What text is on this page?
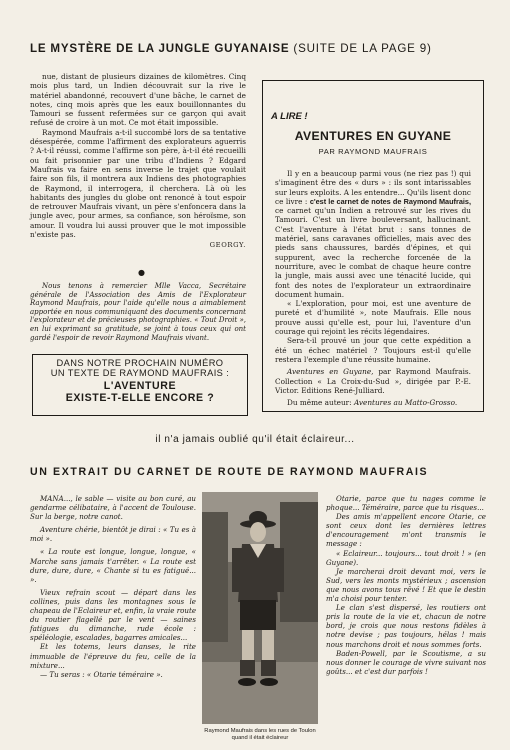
LE MYSTÈRE DE LA JUNGLE GUYANAISE (SUITE DE LA PAGE 9)

nue, distant de plusieurs dizaines de kilomètres. Cinq mois plus tard, un Indien découvrait sur la rive le matériel abandonné, recouvert d'une bâche, le carnet de notes, cinq mois après que les eaux bouillonnantes du Tamouri se fussent refermées sur ce garçon qui avait refusé de croire à un mot. Ce mot était impossible.

Raymond Maufrais a-t-il succombé lors de sa tentative désespérée, comme l'affirment des explorateurs aguerris ? A-t-il réussi, comme l'affirme son père, à-t-il été recueilli ou fait prisonnier par une tribu d'Indiens ? Edgard Maufrais va faire en sens inverse le trajet que voulait faire son fils, il montrera aux Indiens des photographies de Raymond, il interrogera, il cherchera. Là où les habitants des jungles du globe ont renoncé à tout espoir de retrouver Maufrais vivant, un père s'enfoncera dans la jungle avec, pour armes, sa confiance, son héroïsme, son amour. Il voudra lui aussi prouver que le mot impossible n'existe pas.

GEORGY.
●

Nous tenons à remercier Mlle Vacca, Secrétaire générale de l'Association des Amis de l'Explorateur Raymond Maufrais, pour l'aide qu'elle nous a aimablement apportée en nous communiquant des documents concernant l'explorateur et de précieuses photographies. « Tout Droit », en lui exprimant sa gratitude, se joint à tous ceux qui ont gardé l'espoir de revoir Raymond Maufrais vivant.

DANS NOTRE PROCHAIN NUMÉRO
UN TEXTE DE RAYMOND MAUFRAIS :
L'AVENTURE
EXISTE-T-ELLE ENCORE ?
A LIRE !
AVENTURES EN GUYANE
PAR RAYMOND MAUFRAIS

Il y en a beaucoup parmi vous (ne riez pas !) qui s'imaginent être des « durs » : ils sont intarissables sur leurs exploits. A les entendre... Qu'ils lisent donc ce livre : c'est le carnet de notes de Raymond Maufrais, ce carnet qu'un Indien a retrouvé sur les rives du Tamouri. C'est un livre bouleversant, hallucinant. C'est l'aventure à l'état brut : sans tonnes de matériel, sans caravanes officielles, mais avec des pieds sans chaussures, bardés d'épines, et qui suppurent, avec la recherche forcenée de la nourriture, avec le combat de chaque heure contre la jungle, mais aussi avec une ténacité lucide, qui font des notes de l'explorateur un extraordinaire document humain.

« L'exploration, pour moi, est une aventure de pureté et d'humilité », note Maufrais. Elle nous prouve aussi qu'elle est, pour lui, l'aventure d'un courage qui rejoint les récits légendaires.

Sera-t-il prouvé un jour que cette expédition a été un échec matériel ? Toujours est-il qu'elle restera l'exemple d'une réussite humaine.

Aventures en Guyane, par Raymond Maufrais. Collection « La Croix-du-Sud », dirigée par P.-E. Victor. Editions René-Julliard.

Du même auteur: Aventures au Matto-Grosso.

il n'a jamais oublié qu'il était éclaireur...
UN EXTRAIT DU CARNET DE ROUTE DE RAYMOND MAUFRAIS

MANA..., le sable — visite au bon curé, au gendarme célibataire, à l'accent de Toulouse. Sur la berge, notre canot.

Aventure chérie, bientôt je dirai : « Tu es à moi ».

« La route est longue, longue, longue, « Marche sans jamais t'arrêter. « La route est dure, dure, dure, « Chante si tu es fatigué... ».

Vieux refrain scout — départ dans les collines, puis dans les montagnes sous le chapeau de l'Eclaireur et, enfin, la vraie route du routier flagellé par le vent — saines fatigues du dimanche, rude école : spéléologie, escalades, bagarres amicales...

Et les totems, leurs danses, le rite immuable de l'épreuve du feu, celle de la mixture...

— Tu seras : « Otarie téméraire ».

Raymond Maufrais dans les rues de Toulon quand il était éclaireur

Otarie, parce que tu nages comme le phoque... Téméraire, parce que tu risques...

Des amis m'appellent encore Otarie, ce sont ceux dont les dernières lettres d'encouragement m'ont transmis le message :

« Eclaireur... toujours... tout droit ! » (en Guyane).

Je marcherai droit devant moi, vers le Sud, vers les monts mystérieux ; ascension que nous avons tous rêvé ! Et que le destin m'a choisi pour tenter.

Le clan s'est dispersé, les routiers ont pris la route de la vie et, chacun de notre bord, je crois que nous restons fidèles à notre devise ; pas toujours, hélas ! mais nous marchons droit et nous sommes forts.

Baden-Powell, par le Scoutisme, a su nous donner le courage de vivre suivant nos goûts... et c'est dur parfois !
